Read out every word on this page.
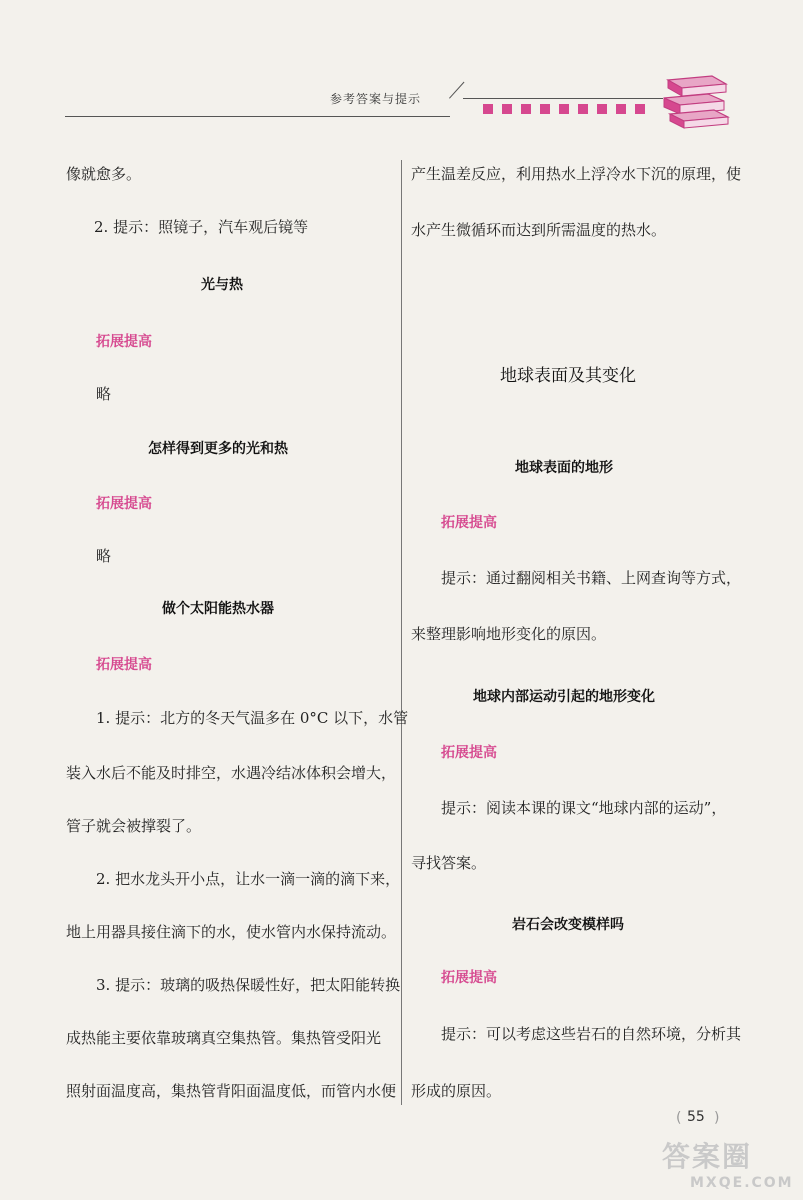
参考答案与提示
像就愈多。
2. 提示：照镜子，汽车观后镜等
光与热
拓展提高
略
怎样得到更多的光和热
拓展提高
略
做个太阳能热水器
拓展提高
1. 提示：北方的冬天气温多在 0°C 以下，水管
装入水后不能及时排空，水遇冷结冰体积会增大，
管子就会被撑裂了。
2. 把水龙头开小点，让水一滴一滴的滴下来，
地上用器具接住滴下的水，使水管内水保持流动。
3. 提示：玻璃的吸热保暖性好，把太阳能转换
成热能主要依靠玻璃真空集热管。集热管受阳光
照射面温度高，集热管背阳面温度低，而管内水便
产生温差反应，利用热水上浮冷水下沉的原理，使
水产生微循环而达到所需温度的热水。
地球表面及其变化
地球表面的地形
拓展提高
提示：通过翻阅相关书籍、上网查询等方式，
来整理影响地形变化的原因。
地球内部运动引起的地形变化
拓展提高
提示：阅读本课的课文“地球内部的运动”，
寻找答案。
岩石会改变模样吗
拓展提高
提示：可以考虑这些岩石的自然环境，分析其
形成的原因。
( 55 )
答案圈
MXQE.COM
